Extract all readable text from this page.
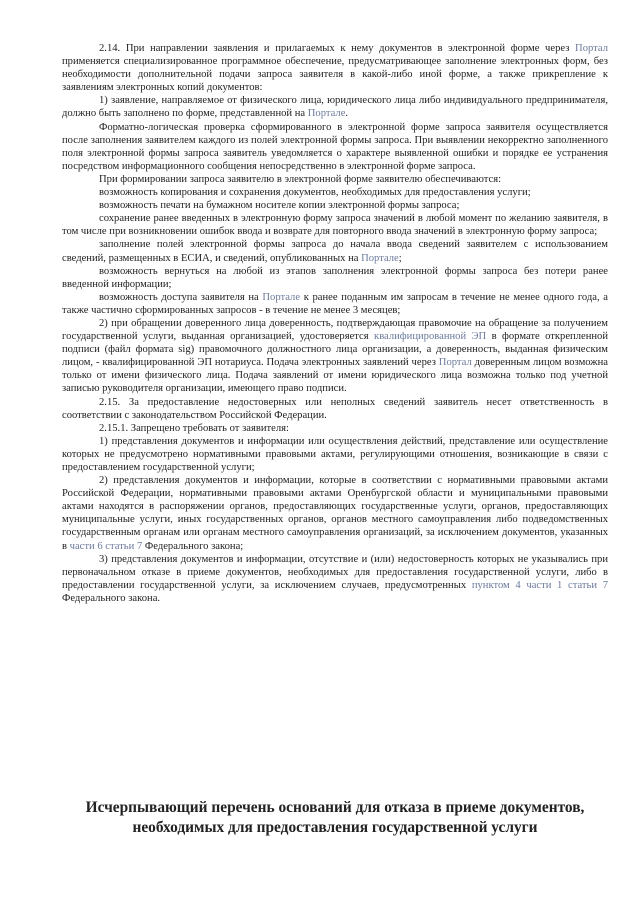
2.14. При направлении заявления и прилагаемых к нему документов в электронной форме через Портал применяется специализированное программное обеспечение, предусматривающее заполнение электронных форм, без необходимости дополнительной подачи запроса заявителя в какой-либо иной форме, а также прикрепление к заявлениям электронных копий документов:

1) заявление, направляемое от физического лица, юридического лица либо индивидуального предпринимателя, должно быть заполнено по форме, представленной на Портале.

Форматно-логическая проверка сформированного в электронной форме запроса заявителя осуществляется после заполнения заявителем каждого из полей электронной формы запроса. При выявлении некорректно заполненного поля электронной формы запроса заявитель уведомляется о характере выявленной ошибки и порядке ее устранения посредством информационного сообщения непосредственно в электронной форме запроса.

При формировании запроса заявителю в электронной форме заявителю обеспечиваются:

возможность копирования и сохранения документов, необходимых для предоставления услуги;

возможность печати на бумажном носителе копии электронной формы запроса;

сохранение ранее введенных в электронную форму запроса значений в любой момент по желанию заявителя, в том числе при возникновении ошибок ввода и возврате для повторного ввода значений в электронную форму запроса;

заполнение полей электронной формы запроса до начала ввода сведений заявителем с использованием сведений, размещенных в ЕСИА, и сведений, опубликованных на Портале;

возможность вернуться на любой из этапов заполнения электронной формы запроса без потери ранее введенной информации;

возможность доступа заявителя на Портале к ранее поданным им запросам в течение не менее одного года, а также частично сформированных запросов - в течение не менее 3 месяцев;

2) при обращении доверенного лица доверенность, подтверждающая правомочие на обращение за получением государственной услуги, выданная организацией, удостоверяется квалифицированной ЭП в формате открепленной подписи (файл формата sig) правомочного должностного лица организации, а доверенность, выданная физическим лицом, - квалифицированной ЭП нотариуса. Подача электронных заявлений через Портал доверенным лицом возможна только от имени физического лица. Подача заявлений от имени юридического лица возможна только под учетной записью руководителя организации, имеющего право подписи.

2.15. За предоставление недостоверных или неполных сведений заявитель несет ответственность в соответствии с законодательством Российской Федерации.

2.15.1. Запрещено требовать от заявителя:

1) представления документов и информации или осуществления действий, представление или осуществление которых не предусмотрено нормативными правовыми актами, регулирующими отношения, возникающие в связи с предоставлением государственной услуги;

2) представления документов и информации, которые в соответствии с нормативными правовыми актами Российской Федерации, нормативными правовыми актами Оренбургской области и муниципальными правовыми актами находятся в распоряжении органов, предоставляющих государственные услуги, органов, предоставляющих муниципальные услуги, иных государственных органов, органов местного самоуправления либо подведомственных государственным органам или органам местного самоуправления организаций, за исключением документов, указанных в части 6 статьи 7 Федерального закона;

3) представления документов и информации, отсутствие и (или) недостоверность которых не указывались при первоначальном отказе в приеме документов, необходимых для предоставления государственной услуги, либо в предоставлении государственной услуги, за исключением случаев, предусмотренных пунктом 4 части 1 статьи 7 Федерального закона.

Исчерпывающий перечень оснований для отказа в приеме документов, необходимых для предоставления государственной услуги
